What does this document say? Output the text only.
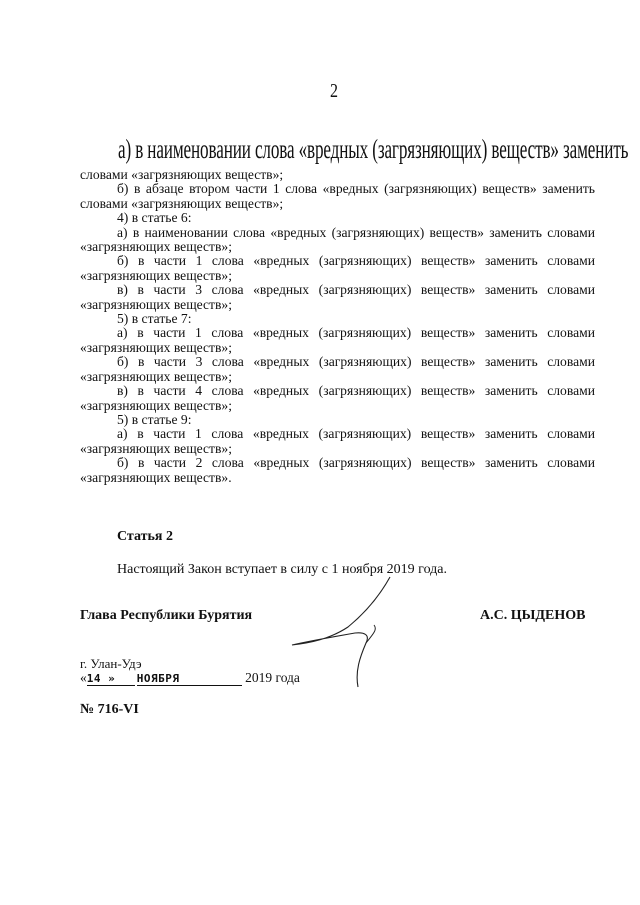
2
а) в наименовании слова «вредных (загрязняющих) веществ» заменить

словами «загрязняющих веществ»;

б) в абзаце втором части 1 слова «вредных (загрязняющих) веществ» заменить словами «загрязняющих веществ»;

4) в статье 6:

а) в наименовании слова «вредных (загрязняющих) веществ» заменить словами «загрязняющих веществ»;

б) в части 1 слова «вредных (загрязняющих) веществ» заменить словами «загрязняющих веществ»;

в) в части 3 слова «вредных (загрязняющих) веществ» заменить словами «загрязняющих веществ»;

5) в статье 7:

а) в части 1 слова «вредных (загрязняющих) веществ» заменить словами «загрязняющих веществ»;

б) в части 3 слова «вредных (загрязняющих) веществ» заменить словами «загрязняющих веществ»;

в) в части 4 слова «вредных (загрязняющих) веществ» заменить словами «загрязняющих веществ»;

5) в статье 9:

а) в части 1 слова «вредных (загрязняющих) веществ» заменить словами «загрязняющих веществ»;

б) в части 2 слова «вредных (загрязняющих) веществ» заменить словами «загрязняющих веществ».

Статья 2
Настоящий Закон вступает в силу с 1 ноября 2019 года.
Глава Республики Бурятия	А.С. ЦЫДЕНОВ
г. Улан-Удэ
«14 » НОЯБРЯ	2019 года
№ 716-VI
